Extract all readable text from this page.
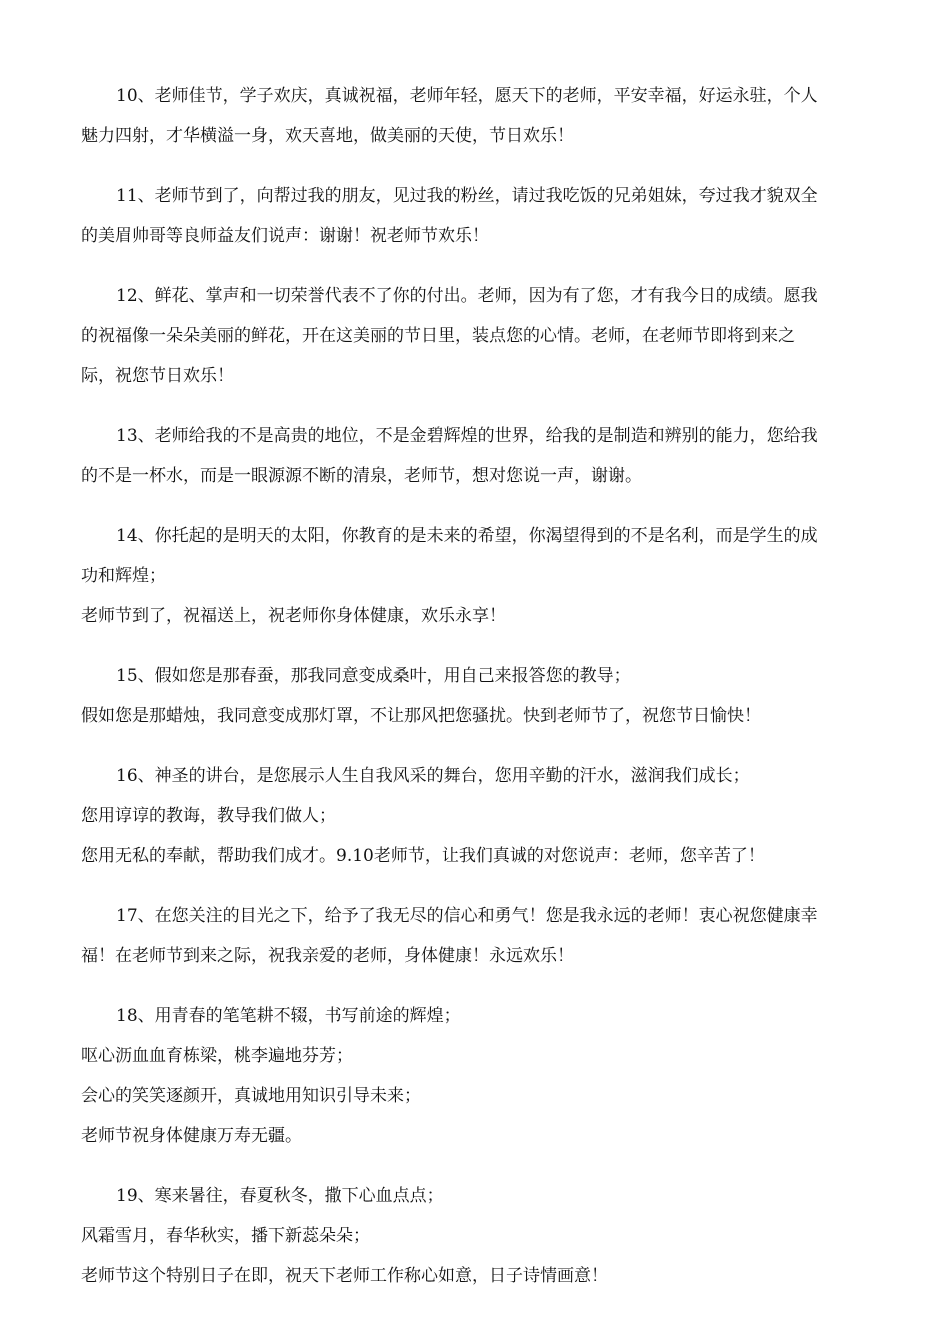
10、老师佳节，学子欢庆，真诚祝福，老师年轻，愿天下的老师，平安幸福，好运永驻，个人
魅力四射，才华横溢一身，欢天喜地，做美丽的天使，节日欢乐！
11、老师节到了，向帮过我的朋友，见过我的粉丝，请过我吃饭的兄弟姐妹，夸过我才貌双全
的美眉帅哥等良师益友们说声：谢谢！祝老师节欢乐！
12、鲜花、掌声和一切荣誉代表不了你的付出。老师，因为有了您，才有我今日的成绩。愿我
的祝福像一朵朵美丽的鲜花，开在这美丽的节日里，装点您的心情。老师，在老师节即将到来之
际，祝您节日欢乐！
13、老师给我的不是高贵的地位，不是金碧辉煌的世界，给我的是制造和辨别的能力，您给我
的不是一杯水，而是一眼源源不断的清泉，老师节，想对您说一声，谢谢。
14、你托起的是明天的太阳，你教育的是未来的希望，你渴望得到的不是名利，而是学生的成
功和辉煌；
老师节到了，祝福送上，祝老师你身体健康，欢乐永享！
15、假如您是那春蚕，那我同意变成桑叶，用自己来报答您的教导；
假如您是那蜡烛，我同意变成那灯罩，不让那风把您骚扰。快到老师节了，祝您节日愉快！
16、神圣的讲台，是您展示人生自我风采的舞台，您用辛勤的汗水，滋润我们成长；
您用谆谆的教诲，教导我们做人；
您用无私的奉献，帮助我们成才。9.10老师节，让我们真诚的对您说声：老师，您辛苦了！
17、在您关注的目光之下，给予了我无尽的信心和勇气！您是我永远的老师！衷心祝您健康幸
福！在老师节到来之际，祝我亲爱的老师，身体健康！永远欢乐！
18、用青春的笔笔耕不辍，书写前途的辉煌；
呕心沥血血育栋梁，桃李遍地芬芳；
会心的笑笑逐颜开，真诚地用知识引导未来；
老师节祝身体健康万寿无疆。
19、寒来暑往，春夏秋冬，撒下心血点点；
风霜雪月，春华秋实，播下新蕊朵朵；
老师节这个特别日子在即，祝天下老师工作称心如意，日子诗情画意！
